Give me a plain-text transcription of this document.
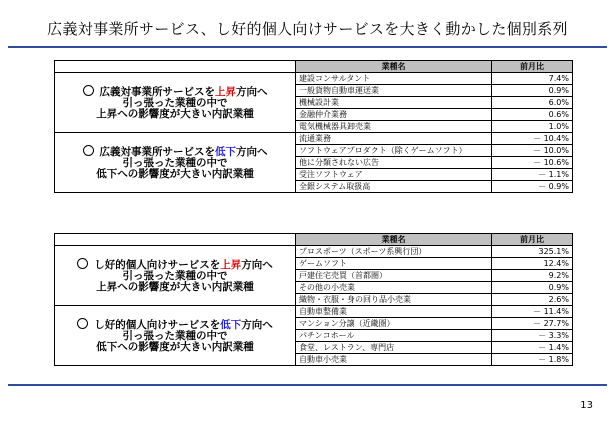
広義対事業所サービス、し好的個人向けサービスを大きく動かした個別系列
	業種名	前月比

広義対事業所サービスを上昇方向へ
引っ張った業種の中で
上昇への影響度が大きい内訳業種	建設コンサルタント	7.4%
	一般貨物自動車運送業	0.9%
	機械設計業	6.0%
	金融仲介業務	0.6%
	電気機械器具卸売業	1.0%

広義対事業所サービスを低下方向へ
引っ張った業種の中で
低下への影響度が大きい内訳業種	流通業務	－ 10.4%
	ソフトウェアプロダクト（除くゲームソフト）	－ 10.0%
	他に分類されない広告	－ 10.6%
	受注ソフトウェア	－ 1.1%
	全銀システム取扱高	－ 0.9%
	業種名	前月比

し好的個人向けサービスを上昇方向へ
引っ張った業種の中で
上昇への影響度が大きい内訳業種	プロスポーツ（スポーツ系興行団）	325.1%
	ゲームソフト	12.4%
	戸建住宅売買（首都圏）	9.2%
	その他の小売業	0.9%
	織物・衣服・身の回り品小売業	2.6%

し好的個人向けサービスを低下方向へ
引っ張った業種の中で
低下への影響度が大きい内訳業種	自動車整備業	－ 11.4%
	マンション分譲（近畿圏）	－ 27.7%
	パチンコホール	－ 3.3%
	食堂、レストラン、専門店	－ 1.4%
	自動車小売業	－ 1.8%
13
